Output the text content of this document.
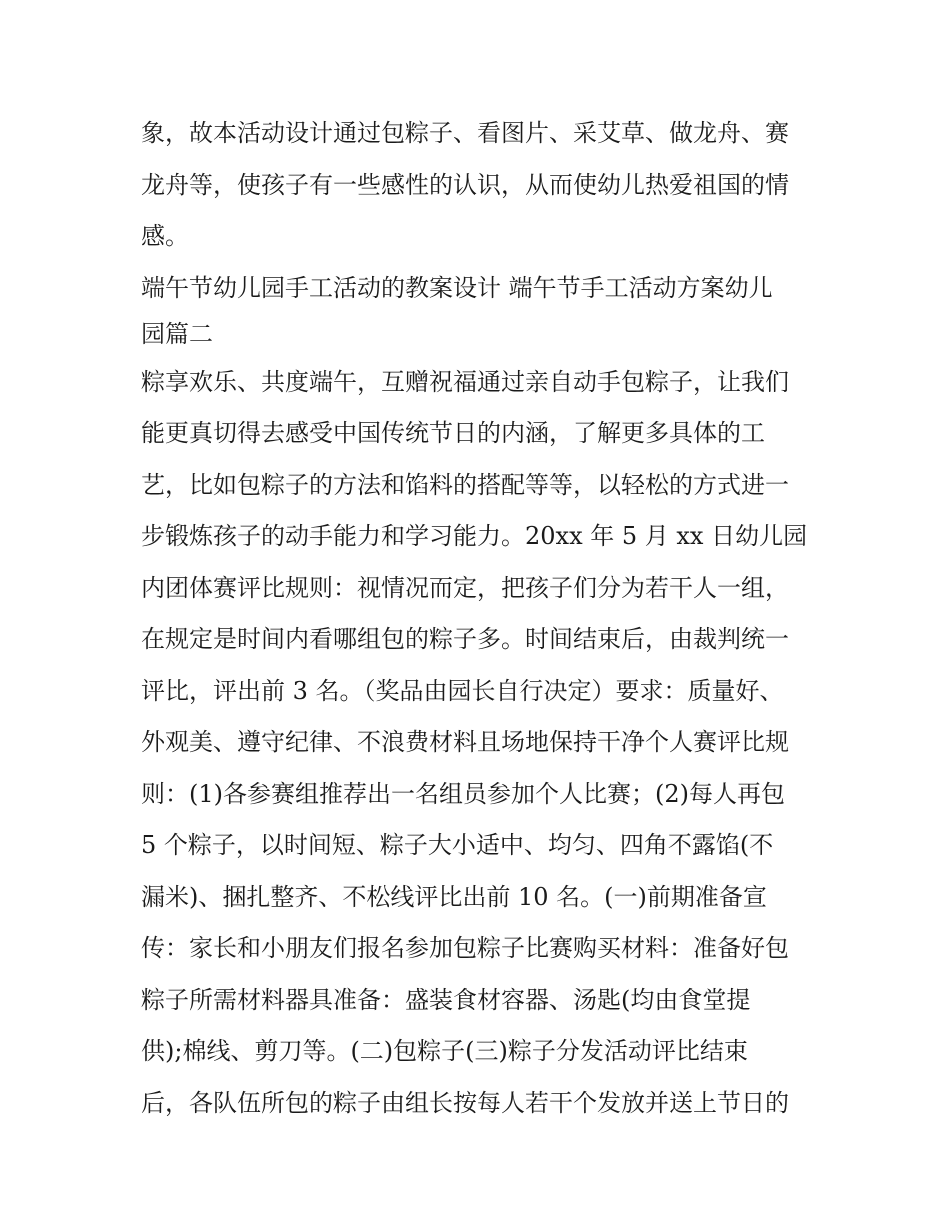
象，故本活动设计通过包粽子、看图片、采艾草、做龙舟、赛
龙舟等，使孩子有一些感性的认识，从而使幼儿热爱祖国的情
感。
端午节幼儿园手工活动的教案设计 端午节手工活动方案幼儿
园篇二
粽享欢乐、共度端午，互赠祝福通过亲自动手包粽子，让我们
能更真切得去感受中国传统节日的内涵，了解更多具体的工
艺，比如包粽子的方法和馅料的搭配等等，以轻松的方式进一
步锻炼孩子的动手能力和学习能力。20xx 年 5 月 xx 日幼儿园
内团体赛评比规则：视情况而定，把孩子们分为若干人一组，
在规定是时间内看哪组包的粽子多。时间结束后，由裁判统一
评比，评出前 3 名。（奖品由园长自行决定）要求：质量好、
外观美、遵守纪律、不浪费材料且场地保持干净个人赛评比规
则：(1)各参赛组推荐出一名组员参加个人比赛；(2)每人再包
5 个粽子，以时间短、粽子大小适中、均匀、四角不露馅(不
漏米)、捆扎整齐、不松线评比出前 10 名。(一)前期准备宣
传：家长和小朋友们报名参加包粽子比赛购买材料：准备好包
粽子所需材料器具准备：盛装食材容器、汤匙(均由食堂提
供);棉线、剪刀等。(二)包粽子(三)粽子分发活动评比结束
后，各队伍所包的粽子由组长按每人若干个发放并送上节日的
